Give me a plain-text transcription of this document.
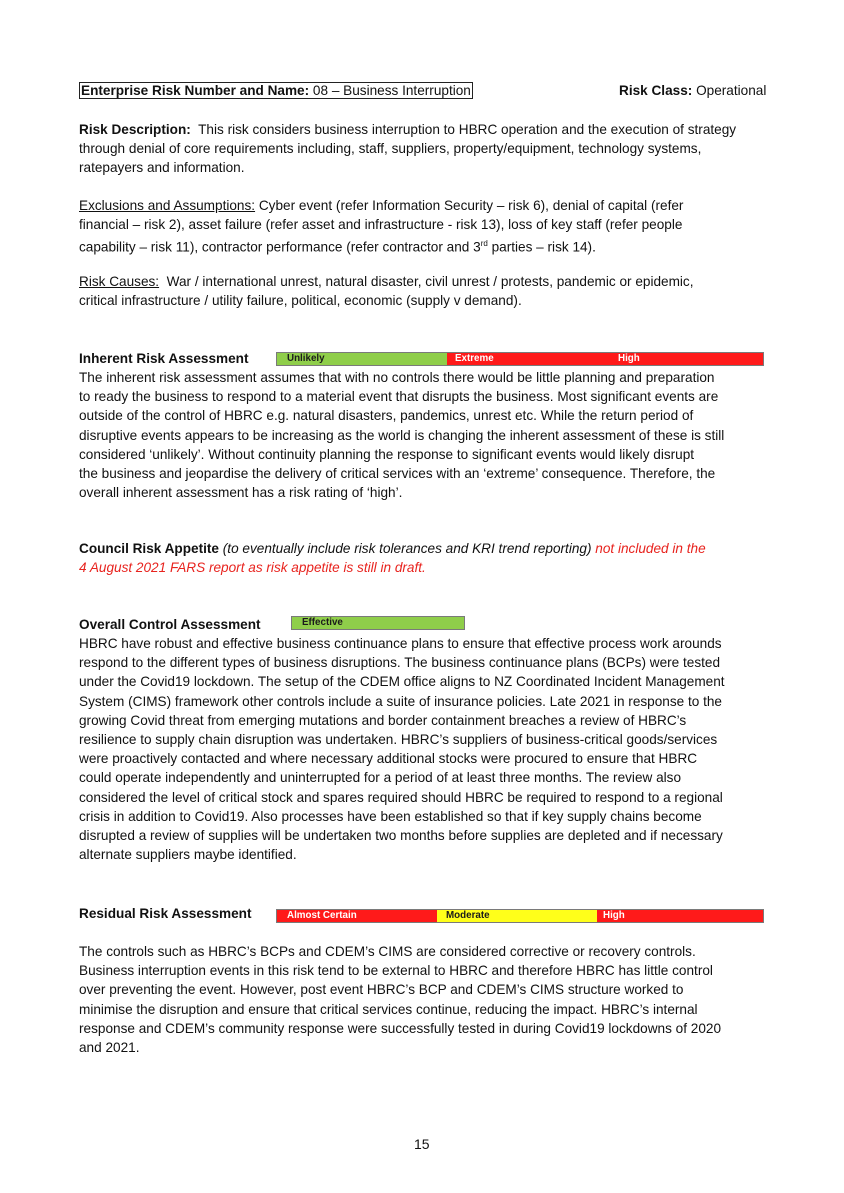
Enterprise Risk Number and Name: 08 – Business Interruption	Risk Class: Operational
Risk Description: This risk considers business interruption to HBRC operation and the execution of strategy
through denial of core requirements including, staff, suppliers, property/equipment, technology systems,
ratepayers and information.
Exclusions and Assumptions: Cyber event (refer Information Security – risk 6), denial of capital (refer
financial – risk 2), asset failure (refer asset and infrastructure - risk 13), loss of key staff (refer people
capability – risk 11), contractor performance (refer contractor and 3rd parties – risk 14).
Risk Causes: War / international unrest, natural disaster, civil unrest / protests, pandemic or epidemic,
critical infrastructure / utility failure, political, economic (supply v demand).
Inherent Risk Assessment	Unlikely	Extreme	High
The inherent risk assessment assumes that with no controls there would be little planning and preparation
to ready the business to respond to a material event that disrupts the business. Most significant events are
outside of the control of HBRC e.g. natural disasters, pandemics, unrest etc. While the return period of
disruptive events appears to be increasing as the world is changing the inherent assessment of these is still
considered ‘unlikely’. Without continuity planning the response to significant events would likely disrupt
the business and jeopardise the delivery of critical services with an ‘extreme’ consequence. Therefore, the
overall inherent assessment has a risk rating of ‘high’.
Council Risk Appetite (to eventually include risk tolerances and KRI trend reporting) not included in the
4 August 2021 FARS report as risk appetite is still in draft.
Overall Control Assessment	Effective
HBRC have robust and effective business continuance plans to ensure that effective process work arounds
respond to the different types of business disruptions. The business continuance plans (BCPs) were tested
under the Covid19 lockdown. The setup of the CDEM office aligns to NZ Coordinated Incident Management
System (CIMS) framework other controls include a suite of insurance policies. Late 2021 in response to the
growing Covid threat from emerging mutations and border containment breaches a review of HBRC’s
resilience to supply chain disruption was undertaken. HBRC’s suppliers of business-critical goods/services
were proactively contacted and where necessary additional stocks were procured to ensure that HBRC
could operate independently and uninterrupted for a period of at least three months. The review also
considered the level of critical stock and spares required should HBRC be required to respond to a regional
crisis in addition to Covid19. Also processes have been established so that if key supply chains become
disrupted a review of supplies will be undertaken two months before supplies are depleted and if necessary
alternate suppliers maybe identified.
Residual Risk Assessment	Almost Certain	Moderate	High
The controls such as HBRC’s BCPs and CDEM’s CIMS are considered corrective or recovery controls.
Business interruption events in this risk tend to be external to HBRC and therefore HBRC has little control
over preventing the event. However, post event HBRC’s BCP and CDEM’s CIMS structure worked to
minimise the disruption and ensure that critical services continue, reducing the impact. HBRC’s internal
response and CDEM’s community response were successfully tested in during Covid19 lockdowns of 2020
and 2021.
15
